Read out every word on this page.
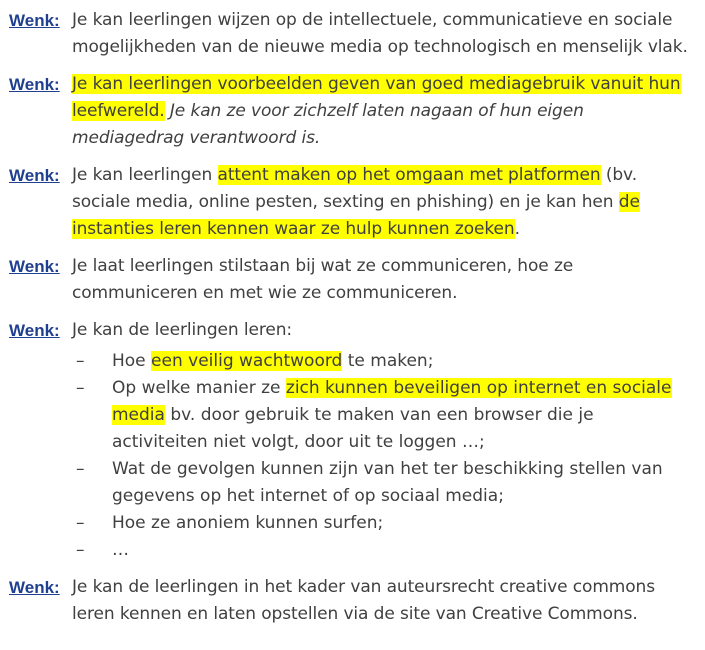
Wenk: Je kan leerlingen wijzen op de intellectuele, communicatieve en sociale mogelijkheden van de nieuwe media op technologisch en menselijk vlak.
Wenk: Je kan leerlingen voorbeelden geven van goed mediagebruik vanuit hun leefwereld. Je kan ze voor zichzelf laten nagaan of hun eigen mediagedrag verantwoord is.
Wenk: Je kan leerlingen attent maken op het omgaan met platformen (bv. sociale media, online pesten, sexting en phishing) en je kan hen de instanties leren kennen waar ze hulp kunnen zoeken.
Wenk: Je laat leerlingen stilstaan bij wat ze communiceren, hoe ze communiceren en met wie ze communiceren.
Wenk: Je kan de leerlingen leren:
–	Hoe een veilig wachtwoord te maken;
–	Op welke manier ze zich kunnen beveiligen op internet en sociale media bv. door gebruik te maken van een browser die je activiteiten niet volgt, door uit te loggen …;
–	Wat de gevolgen kunnen zijn van het ter beschikking stellen van gegevens op het internet of op sociaal media;
–	Hoe ze anoniem kunnen surfen;
–	…
Wenk: Je kan de leerlingen in het kader van auteursrecht creative commons leren kennen en laten opstellen via de site van Creative Commons.
